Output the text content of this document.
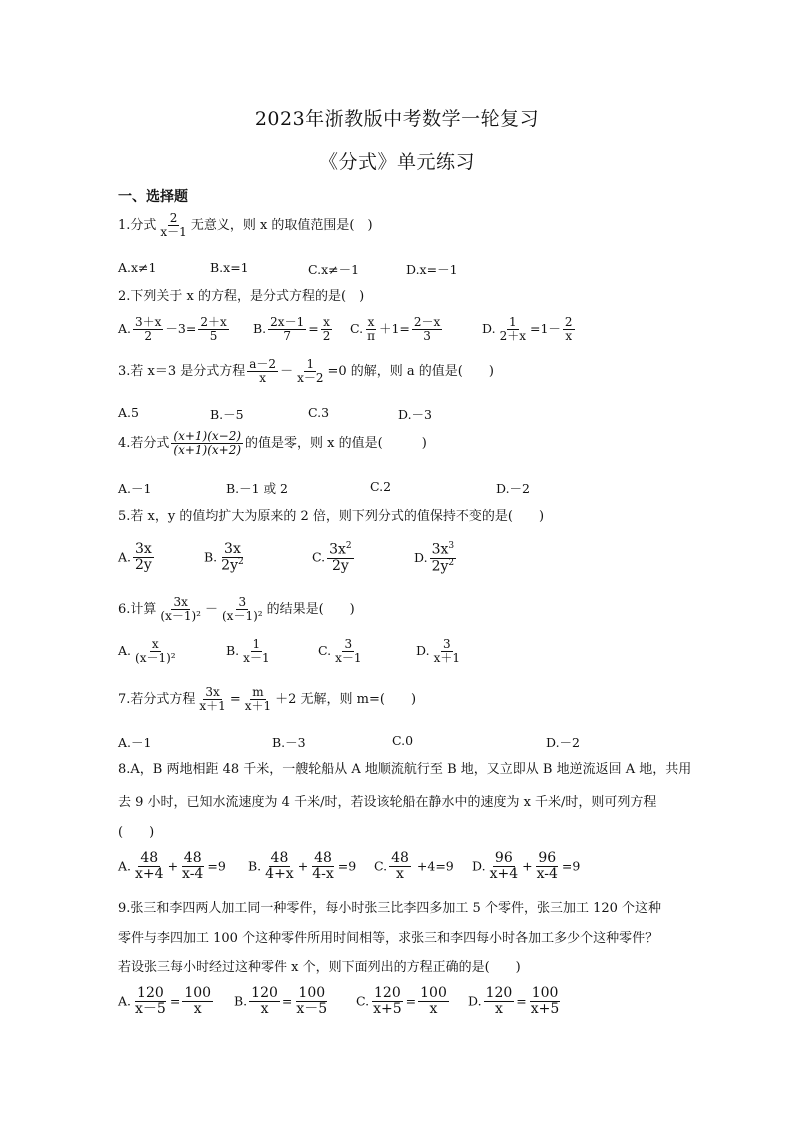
2023年浙教版中考数学一轮复习
《分式》单元练习
一、选择题
1.分式 $\frac{2}{x-1}$ 无意义，则 x 的取值范围是(　)
A.x≠1	B.x=1	C.x≠－1	D.x=－1
2.下列关于 x 的方程，是分式方程的是(　)
A. $\frac{3+x}{2} -3= \frac{2+x}{5} B$. $\frac{2x-1}{7} = \frac{x}{2} C$. $\frac{x}{\pi} +1= \frac{2-x}{3}$	D. $\frac{1}{2+x} =1- \frac{2}{x}$
3.若 x＝3 是分式方程 $\frac{a-2}{x} - \frac{1}{x-2} =0$ 的解，则 a 的值是(　　)
A.5	B.－5	C.3	D.－3
4.若分式 $\frac{(x+1)(x-2)}{(x+1)(x+2)}$ 的值是零，则 x 的值是(　　　)
A.－1	B.－1 或 2	C.2	D.－2
5.若 x，y 的值均扩大为原来的 2 倍，则下列分式的值保持不变的是(　　)
A. $\frac{3x}{2y}$	B. $\frac{3x}{2y^2}$	C. $\frac{3x^2}{2y}$	D. $\frac{3x^3}{2y^2}$
6.计算 $\frac{3x}{\text{(x－1)²}} - \frac{3}{\text{(x－1)²}}$ 的结果是(　　)
A. $\frac{x}{\text{(x－1)²}}$	B. $\frac{1}{x-1}$	C. $\frac{3}{x-1}$	D. $\frac{3}{x+1}$
7.若分式方程 $\frac{3x}{x+1} = \frac{m}{x+1} +2$ 无解，则 m=(　　)
A.－1	B.－3	C.0	D.－2
8.A，B 两地相距 48 千米，一艘轮船从 A 地顺流航行至 B 地，又立即从 B 地逆流返回 A 地，共用
去 9 小时，已知水流速度为 4 千米/时，若设该轮船在静水中的速度为 x 千米/时，则可列方程
(　　)
A. $\frac{48}{x+4} + \frac{48}{x-4} =9$ B. $\frac{48}{4+x} + \frac{48}{4-x} =9$ C. $\frac{48}{x} +4=9$ D. $\frac{96}{x+4} + \frac{96}{x-4} =9$
9.张三和李四两人加工同一种零件，每小时张三比李四多加工 5 个零件，张三加工 120 个这种
零件与李四加工 100 个这种零件所用时间相等，求张三和李四每小时各加工多少个这种零件？
若设张三每小时经过这种零件 x 个，则下面列出的方程正确的是(　　)
A. $\frac{120}{x-5} = \frac{100}{x} B$. $\frac{120}{x} = \frac{100}{x-5} C$. $\frac{120}{x+5} = \frac{100}{x} D$. $\frac{120}{x} = \frac{100}{x+5}$
